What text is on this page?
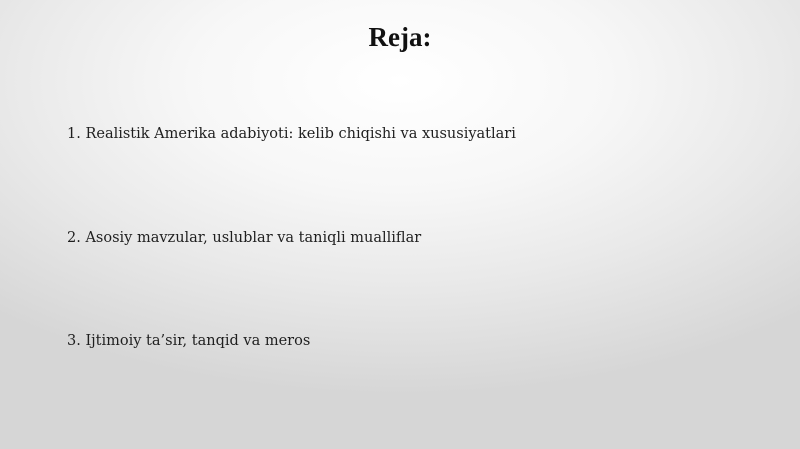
Reja:
1. Realistik Amerika adabiyoti: kelib chiqishi va xususiyatlari
2. Asosiy mavzular, uslublar va taniqli mualliflar
3. Ijtimoiy ta’sir, tanqid va meros
